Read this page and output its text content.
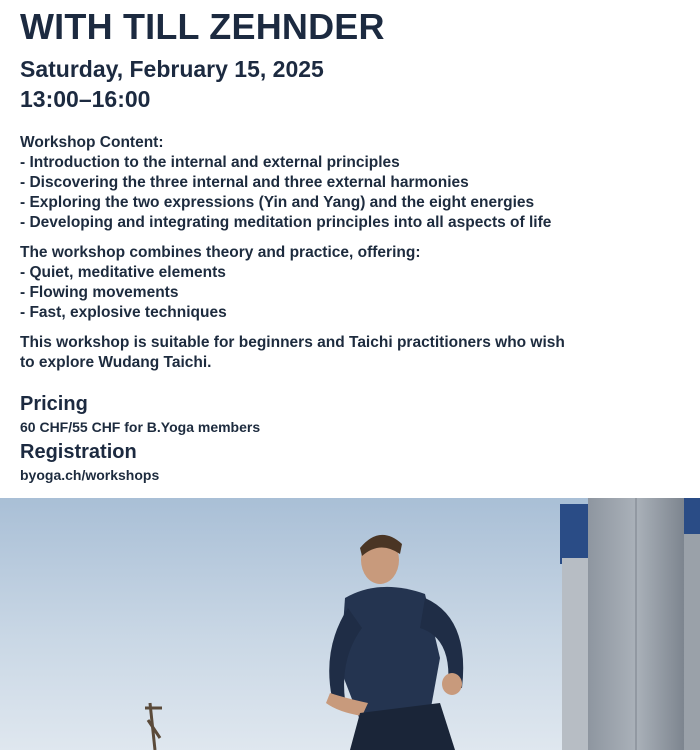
WITH TILL ZEHNDER
Saturday, February 15, 2025
13:00–16:00
Workshop Content:
- Introduction to the internal and external principles
- Discovering the three internal and three external harmonies
- Exploring the two expressions (Yin and Yang) and the eight energies
- Developing and integrating meditation principles into all aspects of life
The workshop combines theory and practice, offering:
- Quiet, meditative elements
- Flowing movements
- Fast, explosive techniques
This workshop is suitable for beginners and Taichi practitioners who wish
to explore Wudang Taichi.
Pricing
60 CHF/55 CHF for B.Yoga members
Registration
byoga.ch/workshops
